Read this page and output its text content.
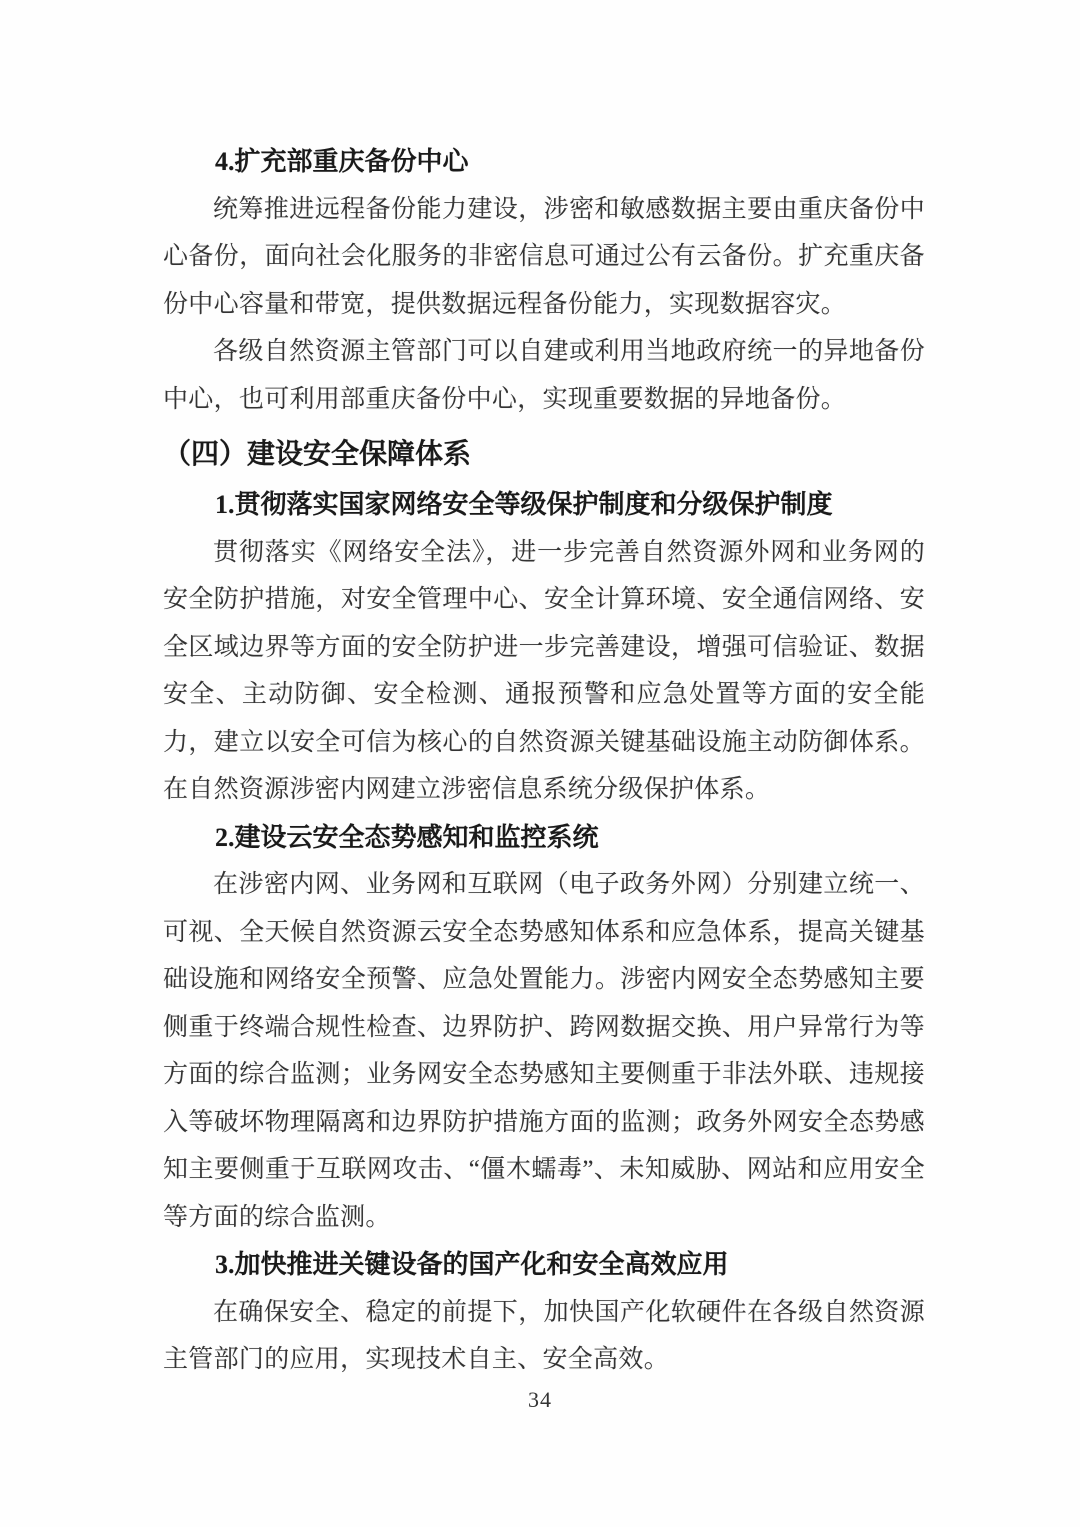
4.扩充部重庆备份中心

统筹推进远程备份能力建设，涉密和敏感数据主要由重庆备份中心备份，面向社会化服务的非密信息可通过公有云备份。扩充重庆备份中心容量和带宽，提供数据远程备份能力，实现数据容灾。

各级自然资源主管部门可以自建或利用当地政府统一的异地备份中心，也可利用部重庆备份中心，实现重要数据的异地备份。

（四）建设安全保障体系
1.贯彻落实国家网络安全等级保护制度和分级保护制度

贯彻落实《网络安全法》，进一步完善自然资源外网和业务网的安全防护措施，对安全管理中心、安全计算环境、安全通信网络、安全区域边界等方面的安全防护进一步完善建设，增强可信验证、数据安全、主动防御、安全检测、通报预警和应急处置等方面的安全能力，建立以安全可信为核心的自然资源关键基础设施主动防御体系。在自然资源涉密内网建立涉密信息系统分级保护体系。

2.建设云安全态势感知和监控系统

在涉密内网、业务网和互联网（电子政务外网）分别建立统一、可视、全天候自然资源云安全态势感知体系和应急体系，提高关键基础设施和网络安全预警、应急处置能力。涉密内网安全态势感知主要侧重于终端合规性检查、边界防护、跨网数据交换、用户异常行为等方面的综合监测；业务网安全态势感知主要侧重于非法外联、违规接入等破坏物理隔离和边界防护措施方面的监测；政务外网安全态势感知主要侧重于互联网攻击、“僵木蠕毒”、未知威胁、网站和应用安全等方面的综合监测。

3.加快推进关键设备的国产化和安全高效应用

在确保安全、稳定的前提下，加快国产化软硬件在各级自然资源主管部门的应用，实现技术自主、安全高效。

34
